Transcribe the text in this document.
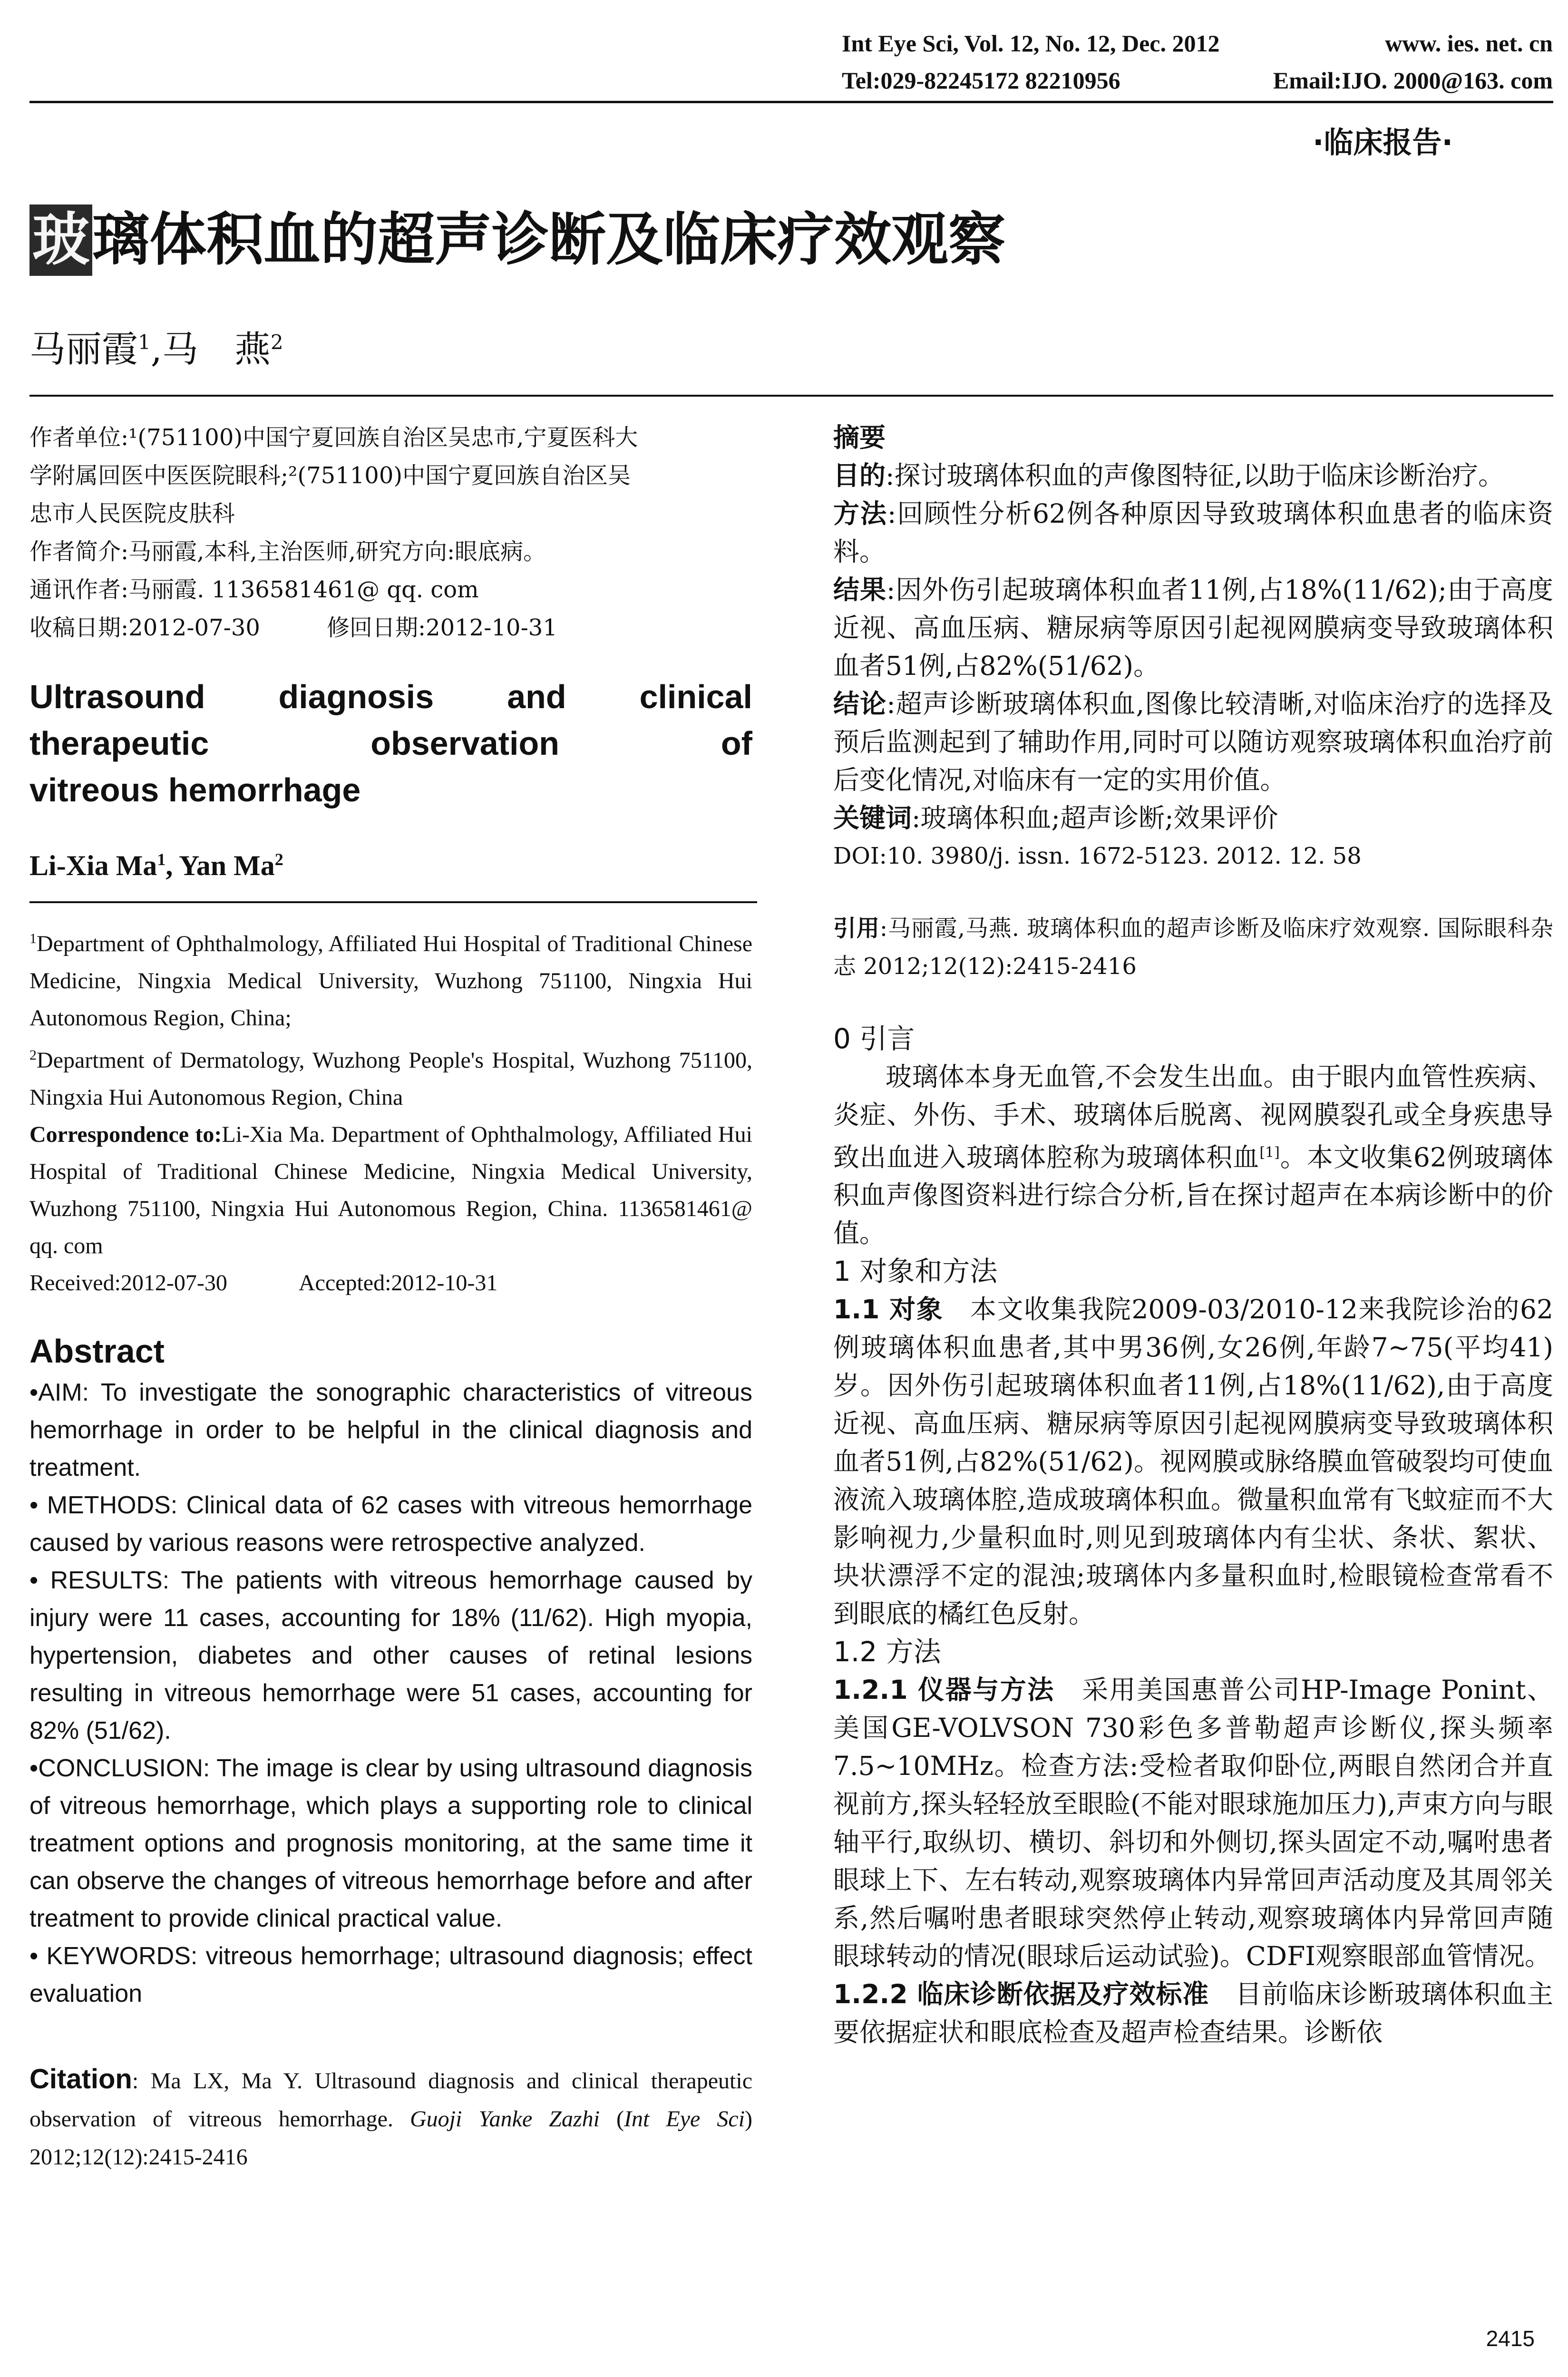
Int Eye Sci, Vol. 12, No. 12, Dec. 2012	www. ies. net. cn
Tel:029-82245172 82210956	Email:IJO. 2000@163. com
·临床报告·
玻璃体积血的超声诊断及临床疗效观察
马丽霞$^1$,马　燕$^2$

作者单位:¹(751100)中国宁夏回族自治区吴忠市,宁夏医科大

学附属回医中医医院眼科;²(751100)中国宁夏回族自治区吴

忠市人民医院皮肤科

作者简介:马丽霞,本科,主治医师,研究方向:眼底病。

通讯作者:马丽霞. 1136581461@ qq. com

收稿日期:2012-07-30	修回日期:2012-10-31

Ultrasound diagnosis and clinical
therapeutic observation of
vitreous hemorrhage
Li-Xia Ma$^1$, Yan Ma$^2$

$^1$Department of Ophthalmology, Affiliated Hui Hospital of Traditional Chinese Medicine, Ningxia Medical University, Wuzhong 751100, Ningxia Hui Autonomous Region, China;

$^2$Department of Dermatology, Wuzhong People's Hospital, Wuzhong 751100, Ningxia Hui Autonomous Region, China

Correspondence to:Li-Xia Ma. Department of Ophthalmology, Affiliated Hui Hospital of Traditional Chinese Medicine, Ningxia Medical University, Wuzhong 751100, Ningxia Hui Autonomous Region, China. 1136581461@ qq. com

Received:2012-07-30	Accepted:2012-10-31

Abstract

•AIM: To investigate the sonographic characteristics of vitreous hemorrhage in order to be helpful in the clinical diagnosis and treatment.

• METHODS: Clinical data of 62 cases with vitreous hemorrhage caused by various reasons were retrospective analyzed.

• RESULTS: The patients with vitreous hemorrhage caused by injury were 11 cases, accounting for 18% (11/62). High myopia, hypertension, diabetes and other causes of retinal lesions resulting in vitreous hemorrhage were 51 cases, accounting for 82% (51/62).

•CONCLUSION: The image is clear by using ultrasound diagnosis of vitreous hemorrhage, which plays a supporting role to clinical treatment options and prognosis monitoring, at the same time it can observe the changes of vitreous hemorrhage before and after treatment to provide clinical practical value.

• KEYWORDS: vitreous hemorrhage; ultrasound diagnosis; effect evaluation

Citation: Ma LX, Ma Y. Ultrasound diagnosis and clinical therapeutic observation of vitreous hemorrhage. Guoji Yanke Zazhi (Int Eye Sci) 2012;12(12):2415-2416

摘要

目的:探讨玻璃体积血的声像图特征,以助于临床诊断治疗。

方法:回顾性分析62例各种原因导致玻璃体积血患者的临床资料。

结果:因外伤引起玻璃体积血者11例,占18%(11/62);由于高度近视、高血压病、糖尿病等原因引起视网膜病变导致玻璃体积血者51例,占82%(51/62)。

结论:超声诊断玻璃体积血,图像比较清晰,对临床治疗的选择及预后监测起到了辅助作用,同时可以随访观察玻璃体积血治疗前后变化情况,对临床有一定的实用价值。

关键词:玻璃体积血;超声诊断;效果评价

DOI:10. 3980/j. issn. 1672-5123. 2012. 12. 58

引用:马丽霞,马燕. 玻璃体积血的超声诊断及临床疗效观察. 国际眼科杂志 2012;12(12):2415-2416

0 引言

玻璃体本身无血管,不会发生出血。由于眼内血管性疾病、炎症、外伤、手术、玻璃体后脱离、视网膜裂孔或全身疾患导致出血进入玻璃体腔称为玻璃体积血[1]。本文收集62例玻璃体积血声像图资料进行综合分析,旨在探讨超声在本病诊断中的价值。

1 对象和方法

1.1 对象　本文收集我院2009-03/2010-12来我院诊治的62例玻璃体积血患者,其中男36例,女26例,年龄7~75(平均41)岁。因外伤引起玻璃体积血者11例,占18%(11/62),由于高度近视、高血压病、糖尿病等原因引起视网膜病变导致玻璃体积血者51例,占82%(51/62)。视网膜或脉络膜血管破裂均可使血液流入玻璃体腔,造成玻璃体积血。微量积血常有飞蚊症而不大影响视力,少量积血时,则见到玻璃体内有尘状、条状、絮状、块状漂浮不定的混浊;玻璃体内多量积血时,检眼镜检查常看不到眼底的橘红色反射。

1.2 方法

1.2.1 仪器与方法　采用美国惠普公司HP-Image Ponint、美国GE-VOLVSON 730彩色多普勒超声诊断仪,探头频率7.5~10MHz。检查方法:受检者取仰卧位,两眼自然闭合并直视前方,探头轻轻放至眼睑(不能对眼球施加压力),声束方向与眼轴平行,取纵切、横切、斜切和外侧切,探头固定不动,嘱咐患者眼球上下、左右转动,观察玻璃体内异常回声活动度及其周邻关系,然后嘱咐患者眼球突然停止转动,观察玻璃体内异常回声随眼球转动的情况(眼球后运动试验)。CDFI观察眼部血管情况。

1.2.2 临床诊断依据及疗效标准　目前临床诊断玻璃体积血主要依据症状和眼底检查及超声检查结果。诊断依

2415
